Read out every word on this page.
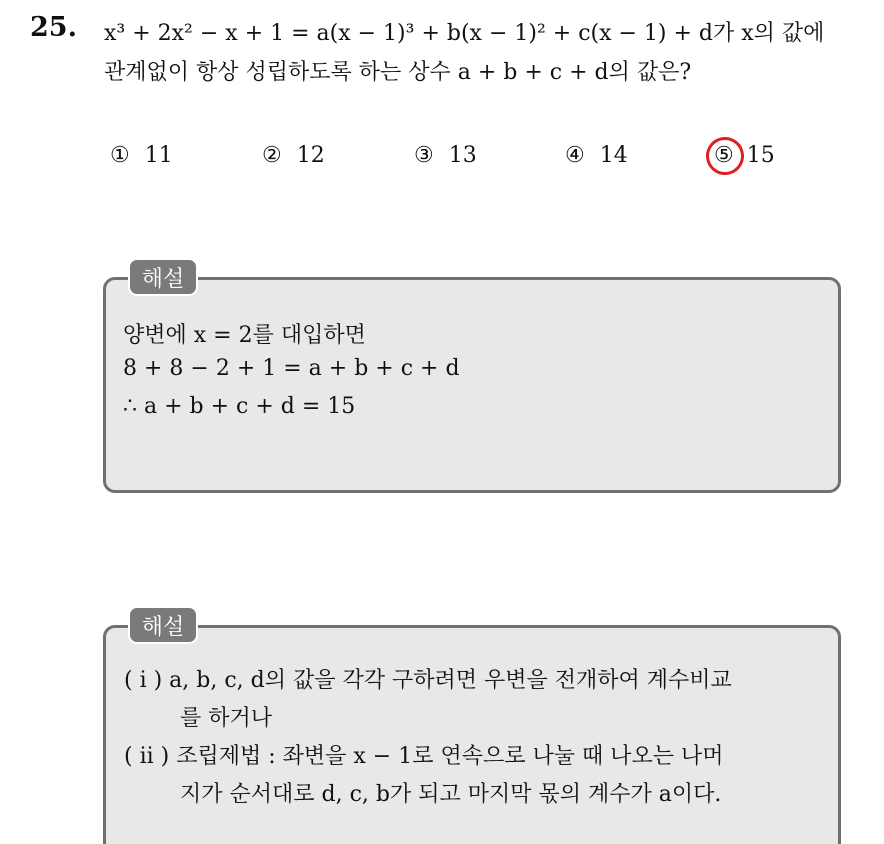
25. x³ + 2x² − x + 1 = a(x − 1)³ + b(x − 1)² + c(x − 1) + d가 x의 값에
관계없이 항상 성립하도록 하는 상수 a + b + c + d의 값은?
① 11	② 12	③ 13	④ 14	⑤ 15
해설
양변에 x = 2를 대입하면
8 + 8 − 2 + 1 = a + b + c + d
∴ a + b + c + d = 15
해설
( i ) a, b, c, d의 값을 각각 구하려면 우변을 전개하여 계수비교
를 하거나
( ii ) 조립제법 : 좌변을 x − 1로 연속으로 나눌 때 나오는 나머
지가 순서대로 d, c, b가 되고 마지막 몫의 계수가 a이다.
